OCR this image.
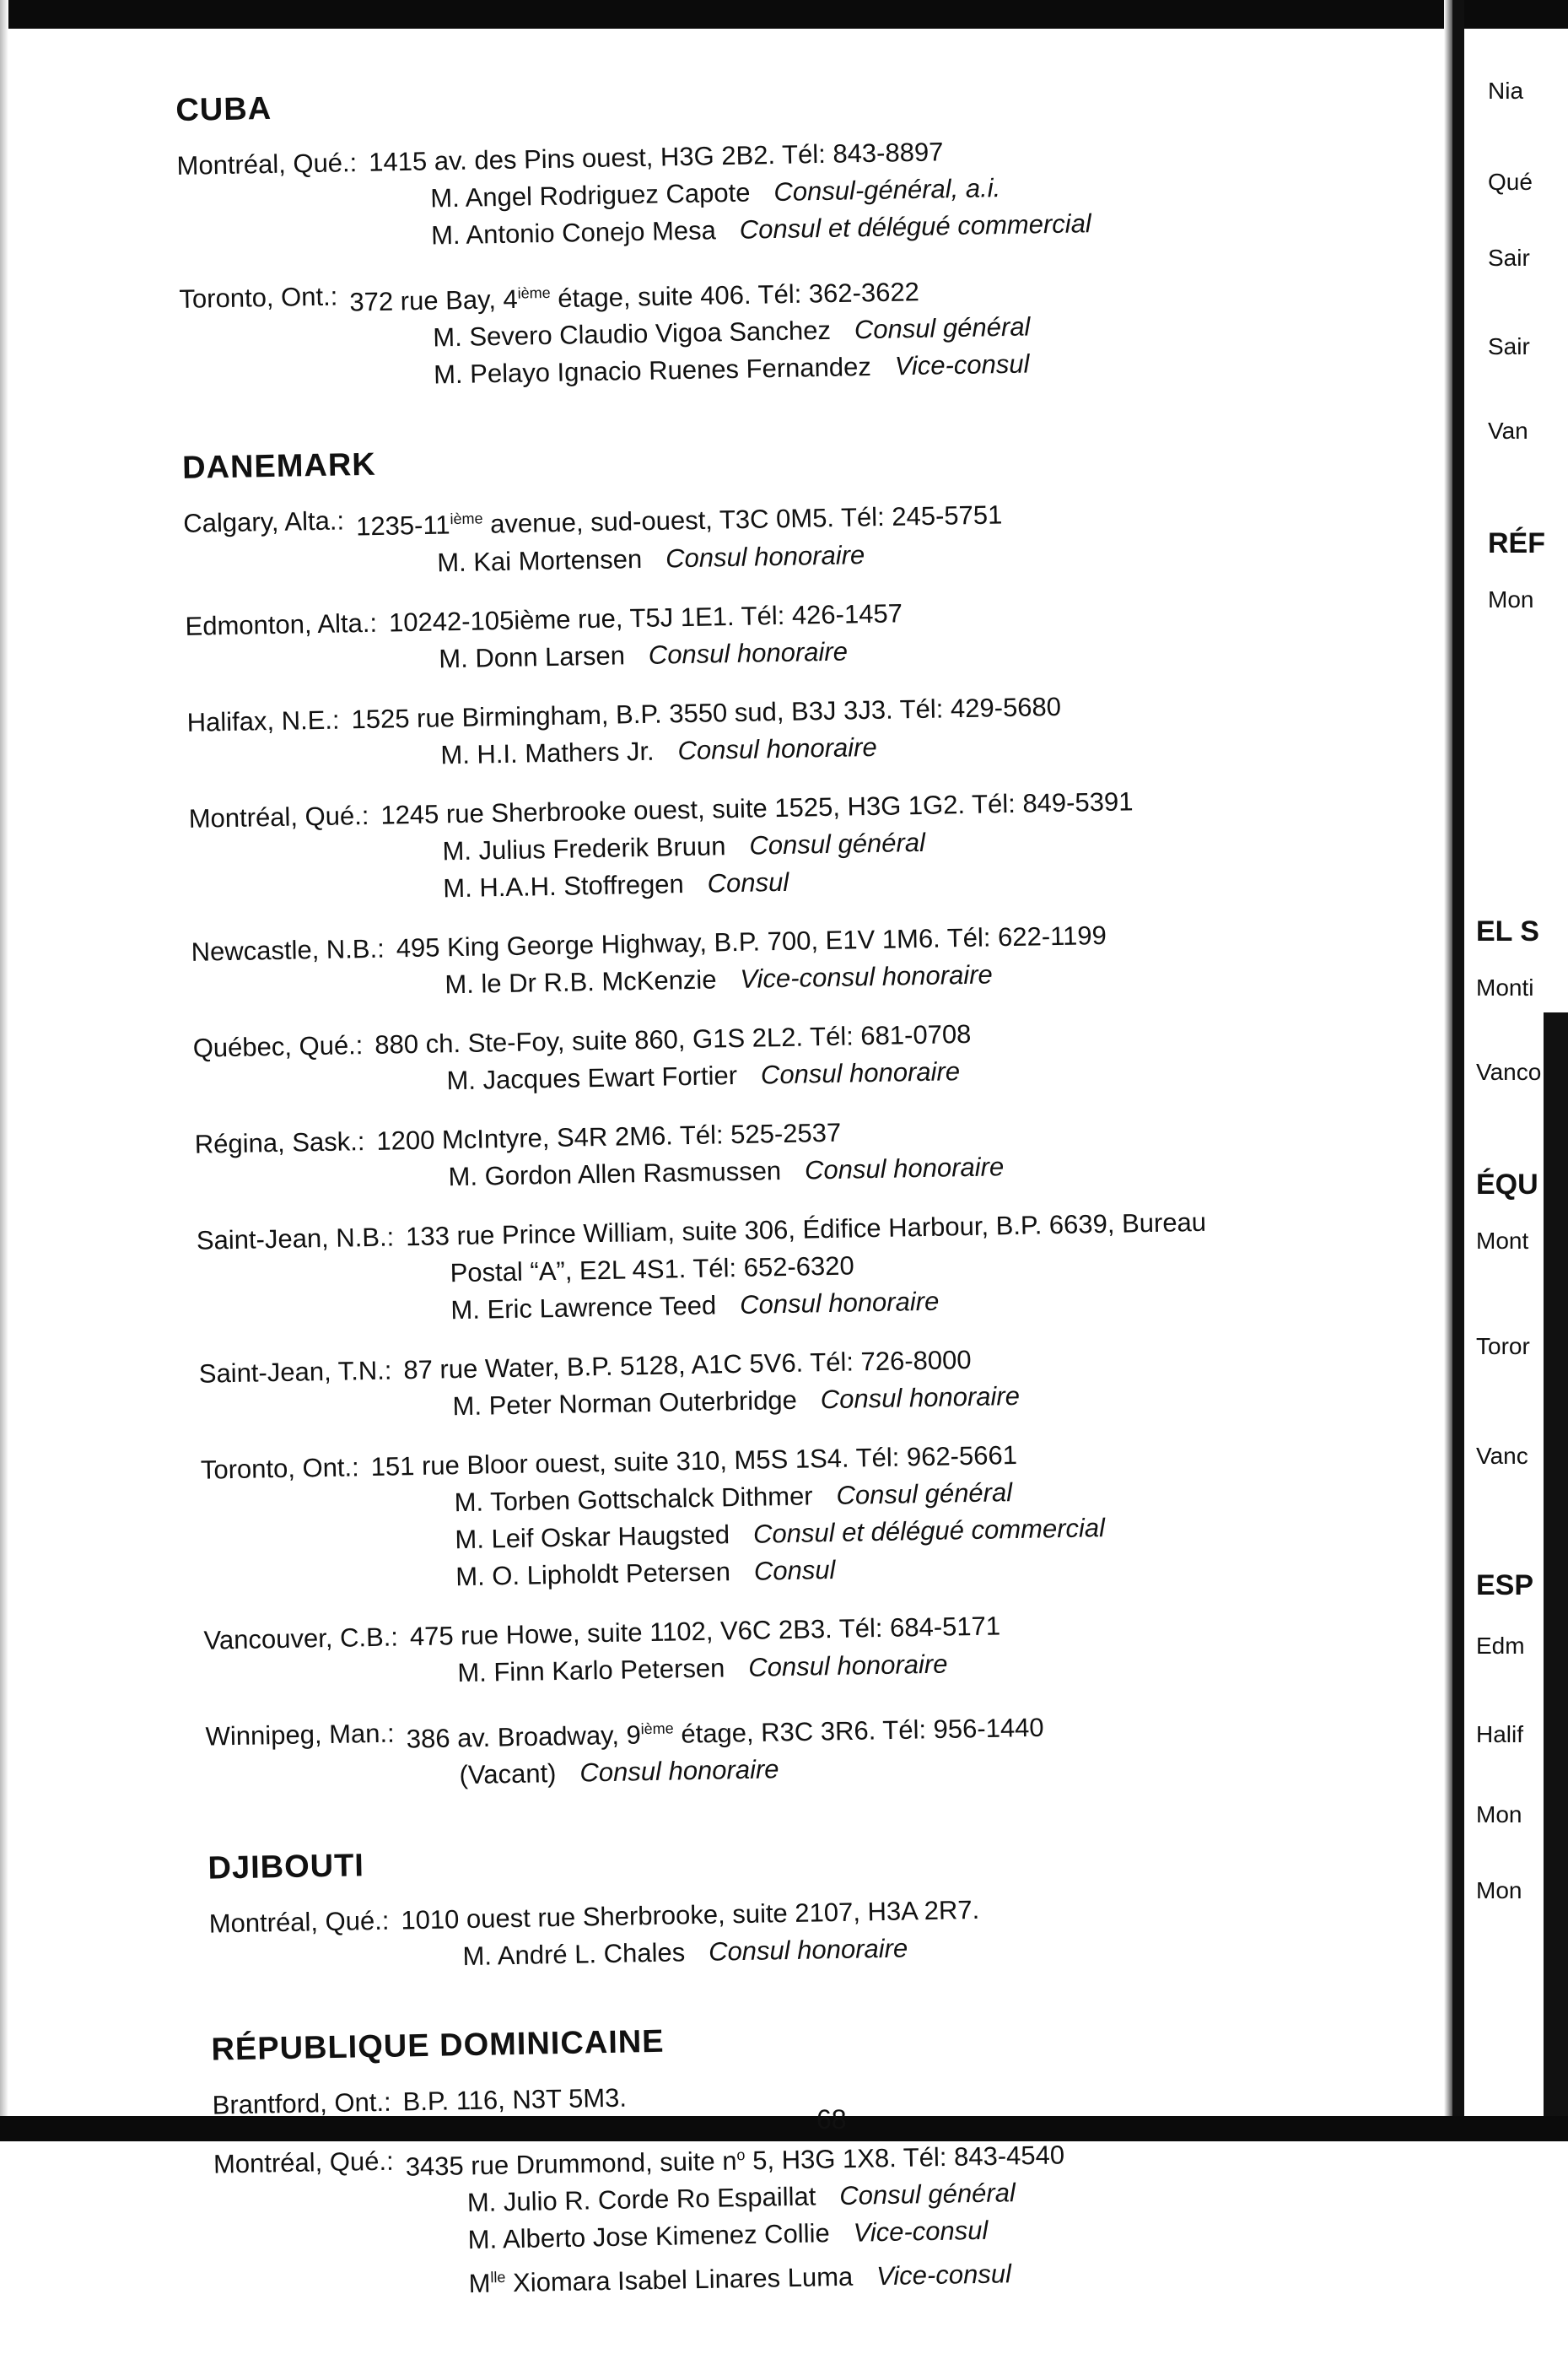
CUBA
Montréal, Qué.: 1415 av. des Pins ouest, H3G 2B2. Tél: 843-8897
M. Angel Rodriguez Capote Consul-général, a.i.
M. Antonio Conejo Mesa Consul et délégué commercial
Toronto, Ont.: 372 rue Bay, 4ième étage, suite 406. Tél: 362-3622
M. Severo Claudio Vigoa Sanchez Consul général
M. Pelayo Ignacio Ruenes Fernandez Vice-consul
DANEMARK
Calgary, Alta.: 1235-11ième avenue, sud-ouest, T3C 0M5. Tél: 245-5751
M. Kai Mortensen Consul honoraire
Edmonton, Alta.: 10242-105ième rue, T5J 1E1. Tél: 426-1457
M. Donn Larsen Consul honoraire
Halifax, N.E.: 1525 rue Birmingham, B.P. 3550 sud, B3J 3J3. Tél: 429-5680
M. H.I. Mathers Jr. Consul honoraire
Montréal, Qué.: 1245 rue Sherbrooke ouest, suite 1525, H3G 1G2. Tél: 849-5391
M. Julius Frederik Bruun Consul général
M. H.A.H. Stoffregen Consul
Newcastle, N.B.: 495 King George Highway, B.P. 700, E1V 1M6. Tél: 622-1199
M. le Dr R.B. McKenzie Vice-consul honoraire
Québec, Qué.: 880 ch. Ste-Foy, suite 860, G1S 2L2. Tél: 681-0708
M. Jacques Ewart Fortier Consul honoraire
Régina, Sask.: 1200 McIntyre, S4R 2M6. Tél: 525-2537
M. Gordon Allen Rasmussen Consul honoraire
Saint-Jean, N.B.: 133 rue Prince William, suite 306, Édifice Harbour, B.P. 6639, Bureau
Postal “A”, E2L 4S1. Tél: 652-6320
M. Eric Lawrence Teed Consul honoraire
Saint-Jean, T.N.: 87 rue Water, B.P. 5128, A1C 5V6. Tél: 726-8000
M. Peter Norman Outerbridge Consul honoraire
Toronto, Ont.: 151 rue Bloor ouest, suite 310, M5S 1S4. Tél: 962-5661
M. Torben Gottschalck Dithmer Consul général
M. Leif Oskar Haugsted Consul et délégué commercial
M. O. Lipholdt Petersen Consul
Vancouver, C.B.: 475 rue Howe, suite 1102, V6C 2B3. Tél: 684-5171
M. Finn Karlo Petersen Consul honoraire
Winnipeg, Man.: 386 av. Broadway, 9ième étage, R3C 3R6. Tél: 956-1440
(Vacant) Consul honoraire
DJIBOUTI
Montréal, Qué.: 1010 ouest rue Sherbrooke, suite 2107, H3A 2R7.
M. André L. Chales Consul honoraire
RÉPUBLIQUE DOMINICAINE
Brantford, Ont.: B.P. 116, N3T 5M3.
Montréal, Qué.: 3435 rue Drummond, suite $n^o$ 5, H3G 1X8. Tél: 843-4540
M. Julio R. Corde Ro Espaillat Consul général
M. Alberto Jose Kimenez Collie Vice-consul
$M^{lle}$ Xiomara Isabel Linares Luma Vice-consul
Nia
Qué
Sair
Sair
Van
RÉF
Mon
EL S
Monti
Vanco
ÉQU
Mont
Toror
Vanc
ESP
Edm
Halif
Mon
Mon
68
